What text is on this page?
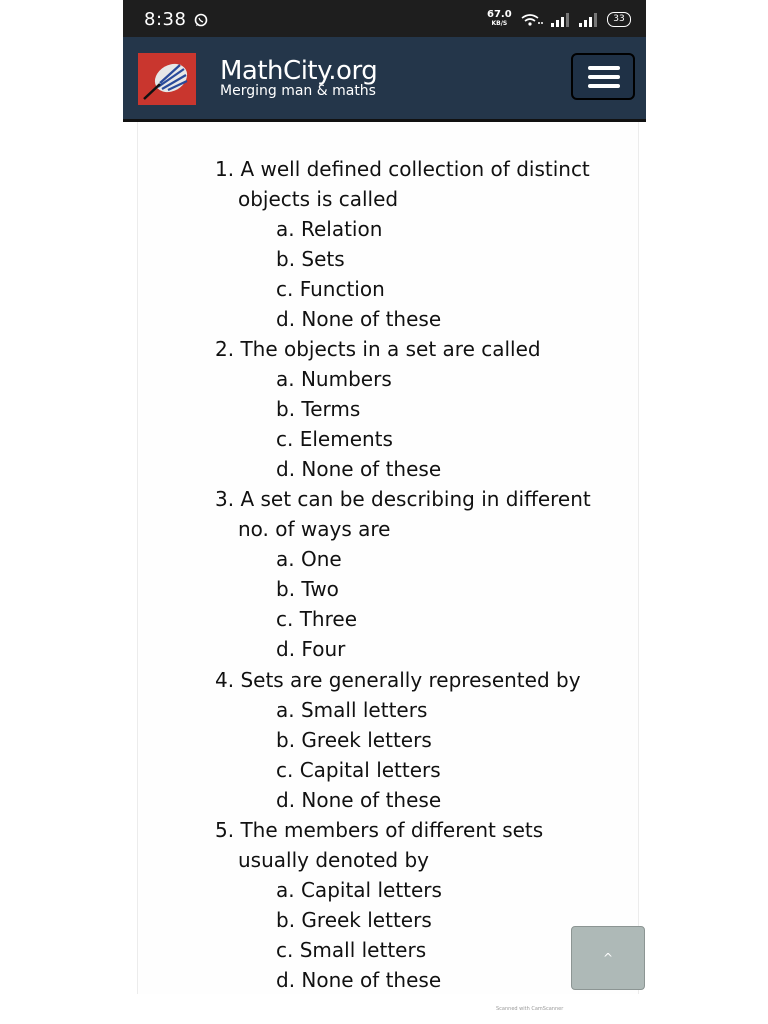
8:38	67.0
KB/S	33
MathCity.org
Merging man & maths
1. A well defined collection of distinct
objects is called
a. Relation
b. Sets
c. Function
d. None of these
2. The objects in a set are called
a. Numbers
b. Terms
c. Elements
d. None of these
3. A set can be describing in different
no. of ways are
a. One
b. Two
c. Three
d. Four
4. Sets are generally represented by
a. Small letters
b. Greek letters
c. Capital letters
d. None of these
5. The members of different sets
usually denoted by
a. Capital letters
b. Greek letters
c. Small letters
d. None of these
^
Scanned with CamScanner
